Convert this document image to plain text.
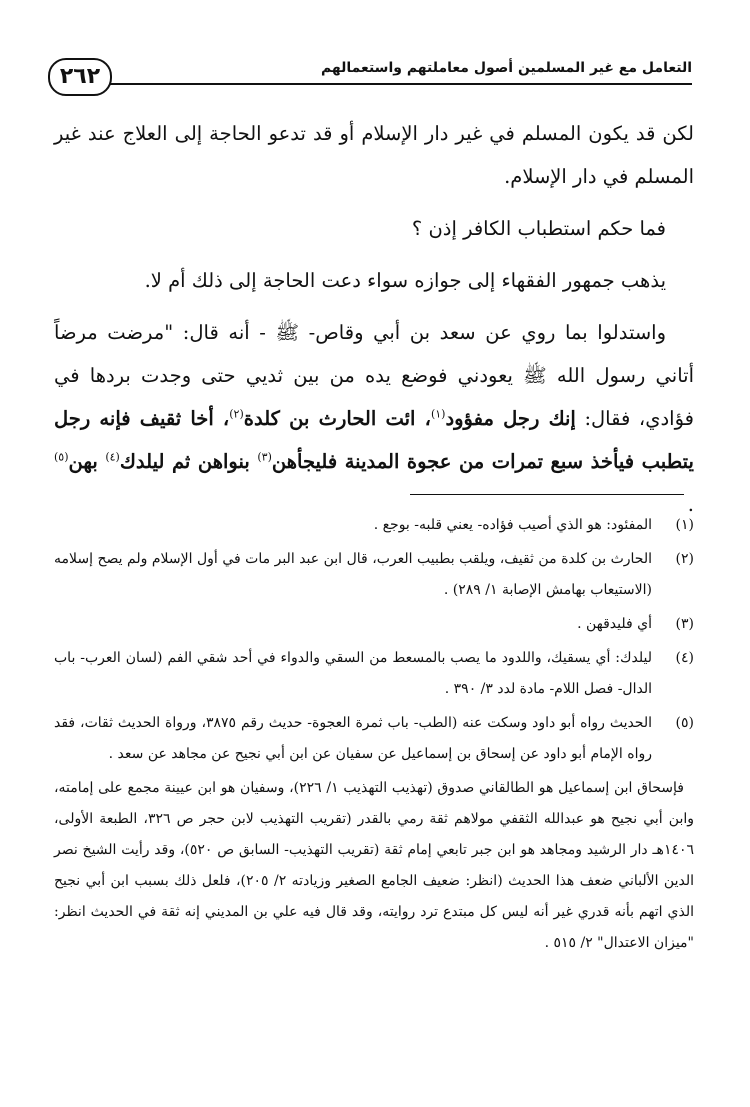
التعامل مع غير المسلمين أصول معاملتهم واستعمالهم
٢٦٢

لكن قد يكون المسلم في غير دار الإسلام أو قد تدعو الحاجة إلى العلاج عند غير المسلم في دار الإسلام.

فما حكم استطباب الكافر إذن ؟

يذهب جمهور الفقهاء إلى جوازه سواء دعت الحاجة إلى ذلك أم لا.

واستدلوا بما روي عن سعد بن أبي وقاص- ﷺ - أنه قال: "مرضت مرضاً أتاني رسول الله ﷺ يعودني فوضع يده من بين ثديي حتى وجدت بردها في فؤادي، فقال: إنك رجل مفؤود$^{(١)}$، ائت الحارث بن كلدة$^{(٢)}$، أخا ثقيف فإنه رجل يتطبب فيأخذ سبع تمرات من عجوة المدينة فليجأهن$^{(٣)}$ بنواهن ثم ليلدك$^{(٤)}$ بهن$^{(٥)}$ .

(١)
المفئود: هو الذي أصيب فؤاده- يعني قلبه- بوجع .
(٢)
الحارث بن كلدة من ثقيف، ويلقب بطبيب العرب، قال ابن عبد البر مات في أول الإسلام ولم يصح إسلامه (الاستيعاب بهامش الإصابة ١/ ٢٨٩) .
(٣)
أي فليدقهن .
(٤)
ليلدك: أي يسقيك، واللدود ما يصب بالمسعط من السقي والدواء في أحد شقي الفم (لسان العرب- باب الدال- فصل اللام- مادة لدد ٣/ ٣٩٠ .
(٥)
الحديث رواه أبو داود وسكت عنه (الطب- باب ثمرة العجوة- حديث رقم ٣٨٧٥، ورواة الحديث ثقات، فقد رواه الإمام أبو داود عن إسحاق بن إسماعيل عن سفيان عن ابن أبي نجيح عن مجاهد عن سعد .
فإسحاق ابن إسماعيل هو الطالقاني صدوق (تهذيب التهذيب ١/ ٢٢٦)، وسفيان هو ابن عيينة مجمع على إمامته، وابن أبي نجيح هو عبدالله الثقفي مولاهم ثقة رمي بالقدر (تقريب التهذيب لابن حجر ص ٣٢٦، الطبعة الأولى، ١٤٠٦هـ دار الرشيد ومجاهد هو ابن جبر تابعي إمام ثقة (تقريب التهذيب- السابق ص ٥٢٠)، وقد رأيت الشيخ نصر الدين الألباني ضعف هذا الحديث (انظر: ضعيف الجامع الصغير وزيادته ٢/ ٢٠٥)، فلعل ذلك بسبب ابن أبي نجيح الذي اتهم بأنه قدري غير أنه ليس كل مبتدع ترد روايته، وقد قال فيه علي بن المديني إنه ثقة في الحديث انظر: "ميزان الاعتدال" ٢/ ٥١٥ .
